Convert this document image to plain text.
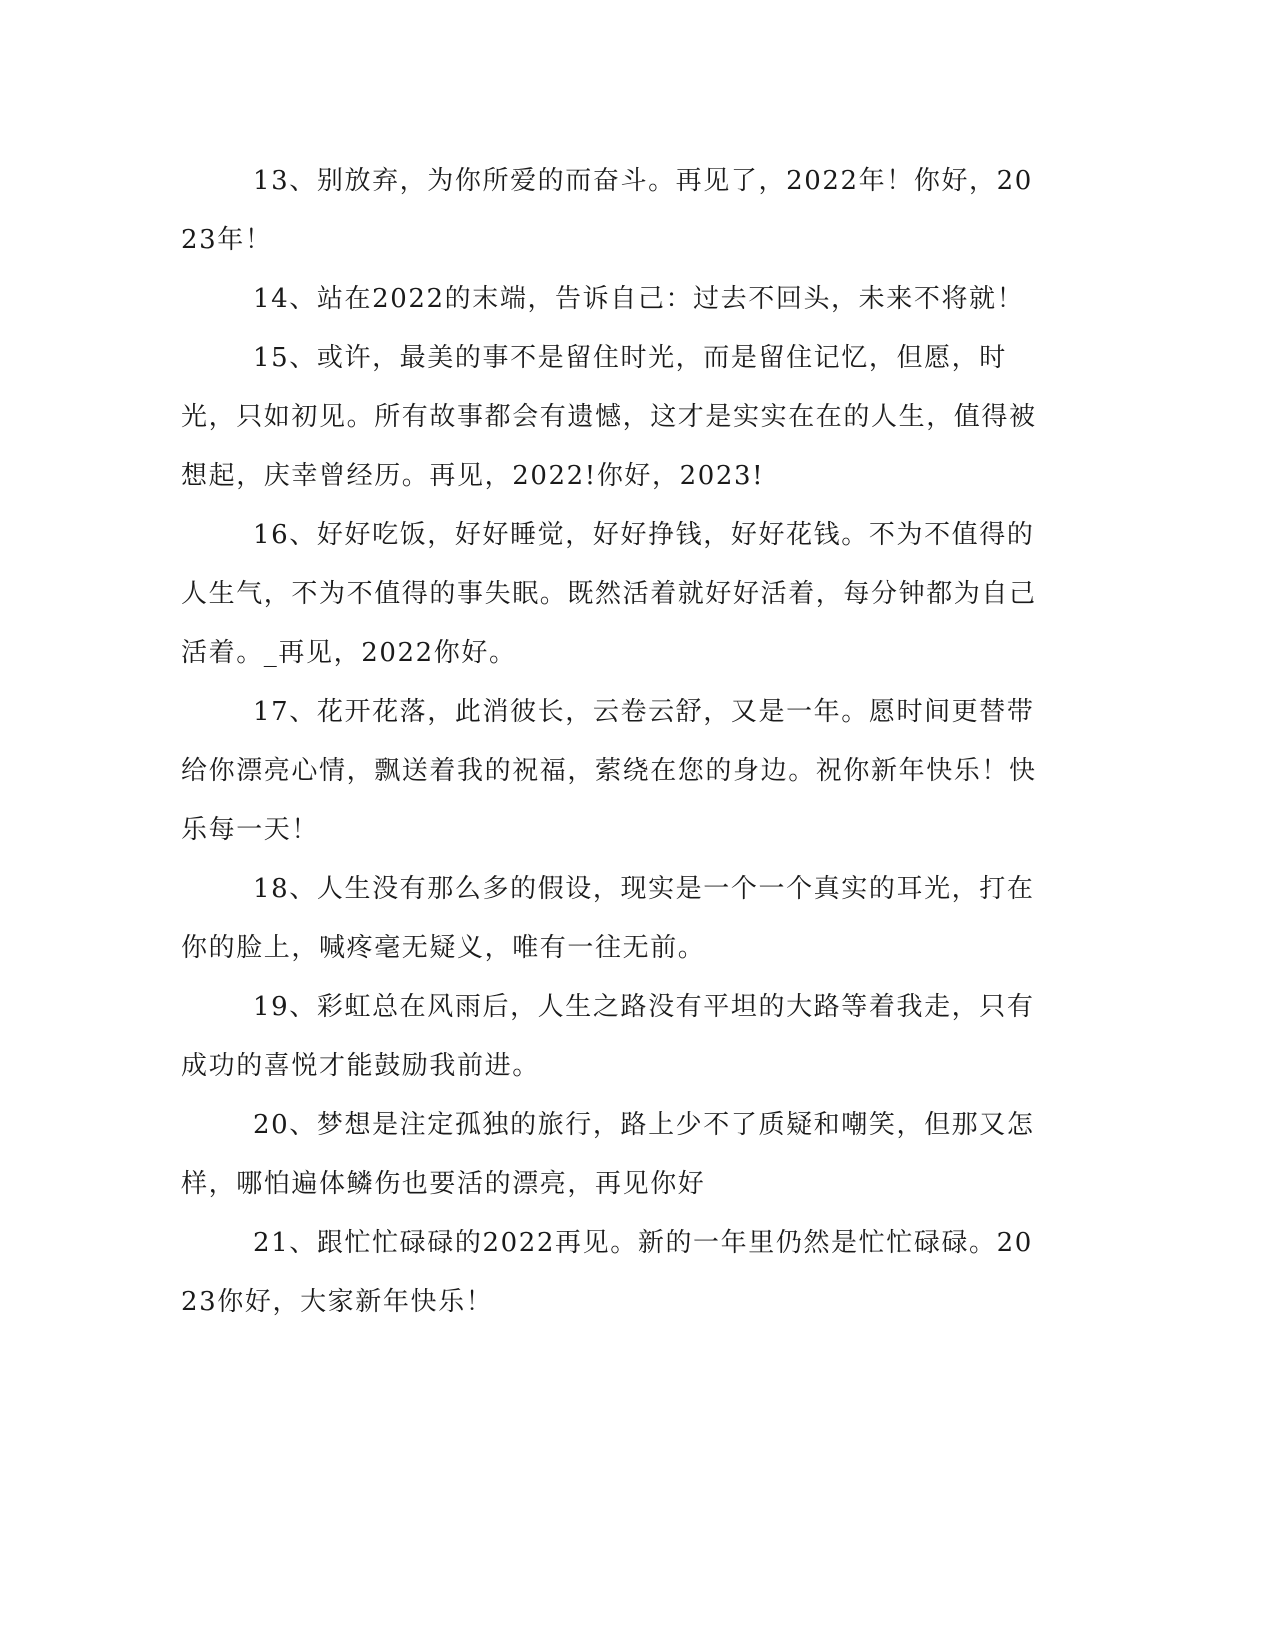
13、别放弃，为你所爱的而奋斗。再见了，2022年！你好，2023年！

14、站在2022的末端，告诉自己：过去不回头，未来不将就！

15、或许，最美的事不是留住时光，而是留住记忆，但愿，时光，只如初见。所有故事都会有遗憾，这才是实实在在的人生，值得被想起，庆幸曾经历。再见，2022!你好，2023!

16、好好吃饭，好好睡觉，好好挣钱，好好花钱。不为不值得的人生气，不为不值得的事失眠。既然活着就好好活着，每分钟都为自己活着。_再见，2022你好。

17、花开花落，此消彼长，云卷云舒，又是一年。愿时间更替带给你漂亮心情，飘送着我的祝福，萦绕在您的身边。祝你新年快乐！快乐每一天！

18、人生没有那么多的假设，现实是一个一个真实的耳光，打在你的脸上，喊疼毫无疑义，唯有一往无前。

19、彩虹总在风雨后，人生之路没有平坦的大路等着我走，只有成功的喜悦才能鼓励我前进。

20、梦想是注定孤独的旅行，路上少不了质疑和嘲笑，但那又怎样，哪怕遍体鳞伤也要活的漂亮，再见你好

21、跟忙忙碌碌的2022再见。新的一年里仍然是忙忙碌碌。2023你好，大家新年快乐！
